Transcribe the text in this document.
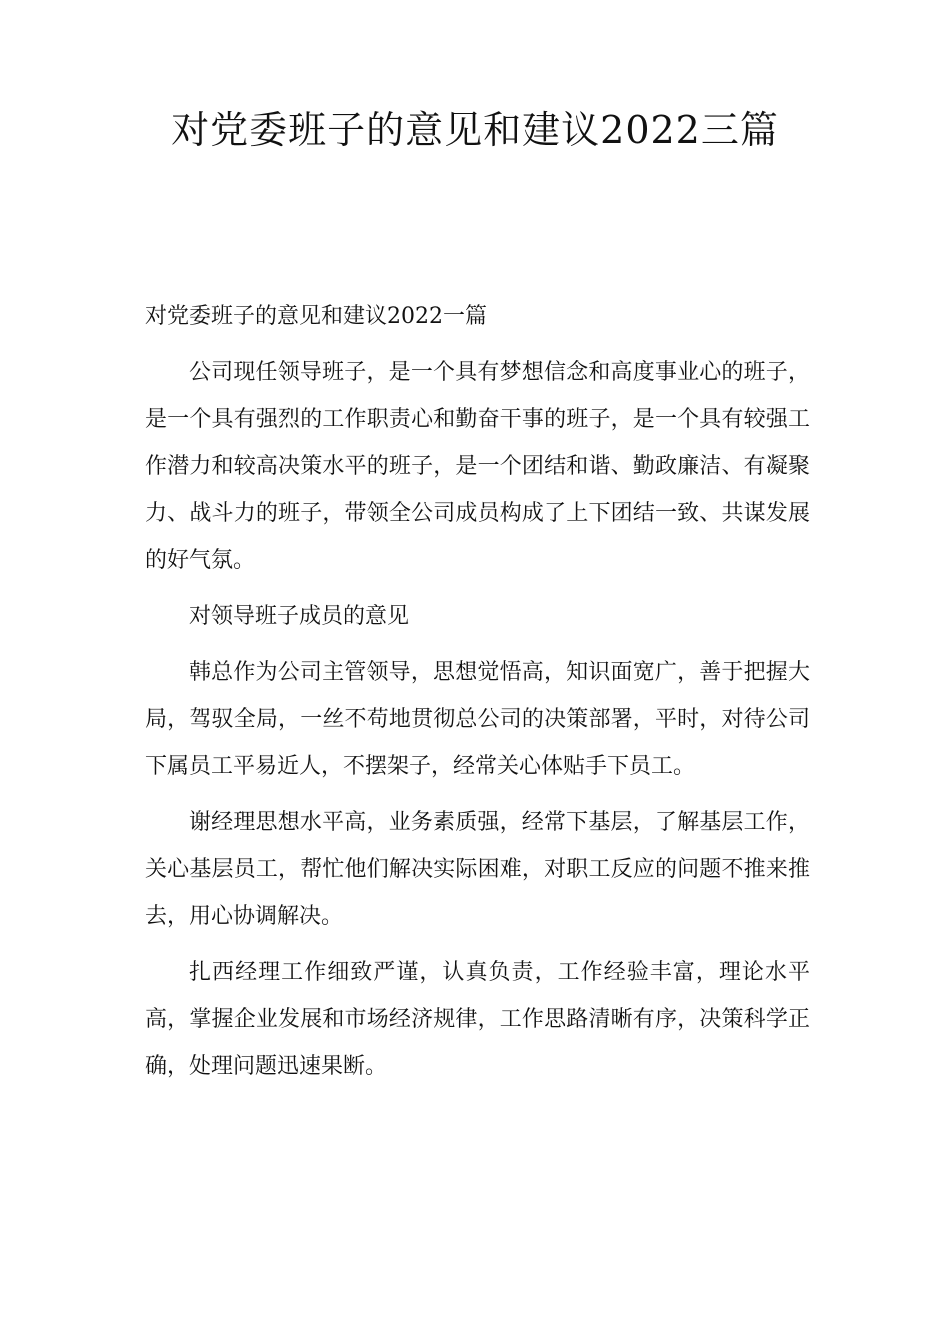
对党委班子的意见和建议2022三篇

对党委班子的意见和建议2022一篇

公司现任领导班子，是一个具有梦想信念和高度事业心的班子，是一个具有强烈的工作职责心和勤奋干事的班子，是一个具有较强工作潜力和较高决策水平的班子，是一个团结和谐、勤政廉洁、有凝聚力、战斗力的班子，带领全公司成员构成了上下团结一致、共谋发展的好气氛。

对领导班子成员的意见

韩总作为公司主管领导，思想觉悟高，知识面宽广，善于把握大局，驾驭全局，一丝不苟地贯彻总公司的决策部署，平时，对待公司下属员工平易近人，不摆架子，经常关心体贴手下员工。

谢经理思想水平高，业务素质强，经常下基层，了解基层工作，关心基层员工，帮忙他们解决实际困难，对职工反应的问题不推来推去，用心协调解决。

扎西经理工作细致严谨，认真负责，工作经验丰富，理论水平高，掌握企业发展和市场经济规律，工作思路清晰有序，决策科学正确，处理问题迅速果断。
